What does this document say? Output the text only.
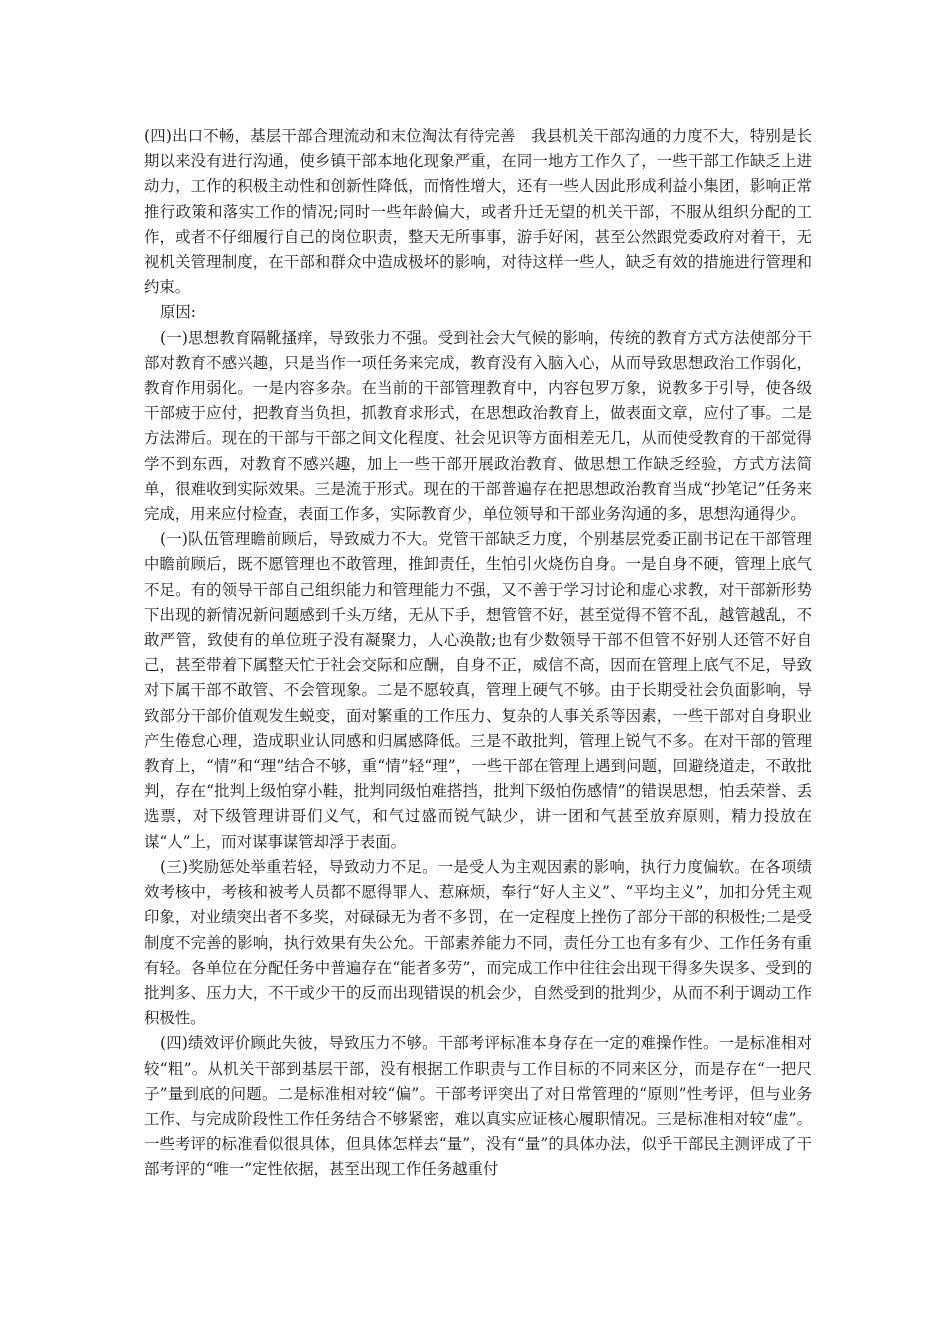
(四)出口不畅，基层干部合理流动和末位淘汰有待完善　我县机关干部沟通的力度不大，特别是长期以来没有进行沟通，使乡镇干部本地化现象严重，在同一地方工作久了，一些干部工作缺乏上进动力，工作的积极主动性和创新性降低，而惰性增大，还有一些人因此形成利益小集团，影响正常推行政策和落实工作的情况;同时一些年龄偏大，或者升迁无望的机关干部，不服从组织分配的工作，或者不仔细履行自己的岗位职责，整天无所事事，游手好闲，甚至公然跟党委政府对着干，无视机关管理制度，在干部和群众中造成极坏的影响，对待这样一些人，缺乏有效的措施进行管理和约束。

原因:

(一)思想教育隔靴搔痒，导致张力不强。受到社会大气候的影响，传统的教育方式方法使部分干部对教育不感兴趣，只是当作一项任务来完成，教育没有入脑入心，从而导致思想政治工作弱化，教育作用弱化。一是内容多杂。在当前的干部管理教育中，内容包罗万象，说教多于引导，使各级干部疲于应付，把教育当负担，抓教育求形式，在思想政治教育上，做表面文章，应付了事。二是方法滞后。现在的干部与干部之间文化程度、社会见识等方面相差无几，从而使受教育的干部觉得学不到东西，对教育不感兴趣，加上一些干部开展政治教育、做思想工作缺乏经验，方式方法简单，很难收到实际效果。三是流于形式。现在的干部普遍存在把思想政治教育当成“抄笔记”任务来完成，用来应付检查，表面工作多，实际教育少，单位领导和干部业务沟通的多，思想沟通得少。

(一)队伍管理瞻前顾后，导致威力不大。党管干部缺乏力度，个别基层党委正副书记在干部管理中瞻前顾后，既不愿管理也不敢管理，推卸责任，生怕引火烧伤自身。一是自身不硬，管理上底气不足。有的领导干部自己组织能力和管理能力不强，又不善于学习讨论和虚心求教，对干部新形势下出现的新情况新问题感到千头万绪，无从下手，想管管不好，甚至觉得不管不乱，越管越乱，不敢严管，致使有的单位班子没有凝聚力，人心涣散;也有少数领导干部不但管不好别人还管不好自己，甚至带着下属整天忙于社会交际和应酬，自身不正，威信不高，因而在管理上底气不足，导致对下属干部不敢管、不会管现象。二是不愿较真，管理上硬气不够。由于长期受社会负面影响，导致部分干部价值观发生蜕变，面对繁重的工作压力、复杂的人事关系等因素，一些干部对自身职业产生倦怠心理，造成职业认同感和归属感降低。三是不敢批判，管理上锐气不多。在对干部的管理教育上，“情”和“理”结合不够，重“情”轻“理”，一些干部在管理上遇到问题，回避绕道走，不敢批判，存在“批判上级怕穿小鞋，批判同级怕难搭挡，批判下级怕伤感情”的错误思想，怕丢荣誉、丢选票，对下级管理讲哥们义气，和气过盛而锐气缺少，讲一团和气甚至放弃原则，精力投放在谋“人”上，而对谋事谋管却浮于表面。

(三)奖励惩处举重若轻，导致动力不足。一是受人为主观因素的影响，执行力度偏软。在各项绩效考核中，考核和被考人员都不愿得罪人、惹麻烦，奉行“好人主义”、“平均主义”，加扣分凭主观印象，对业绩突出者不多奖，对碌碌无为者不多罚，在一定程度上挫伤了部分干部的积极性;二是受制度不完善的影响，执行效果有失公允。干部素养能力不同，责任分工也有多有少、工作任务有重有轻。各单位在分配任务中普遍存在“能者多劳”，而完成工作中往往会出现干得多失误多、受到的批判多、压力大，不干或少干的反而出现错误的机会少，自然受到的批判少，从而不利于调动工作积极性。

(四)绩效评价顾此失彼，导致压力不够。干部考评标准本身存在一定的难操作性。一是标准相对较“粗”。从机关干部到基层干部，没有根据工作职责与工作目标的不同来区分，而是存在“一把尺子”量到底的问题。二是标准相对较“偏”。干部考评突出了对日常管理的“原则”性考评，但与业务工作、与完成阶段性工作任务结合不够紧密，难以真实应证核心履职情况。三是标准相对较“虚”。一些考评的标准看似很具体，但具体怎样去“量”，没有“量”的具体办法，似乎干部民主测评成了干部考评的“唯一”定性依据，甚至出现工作任务越重付
